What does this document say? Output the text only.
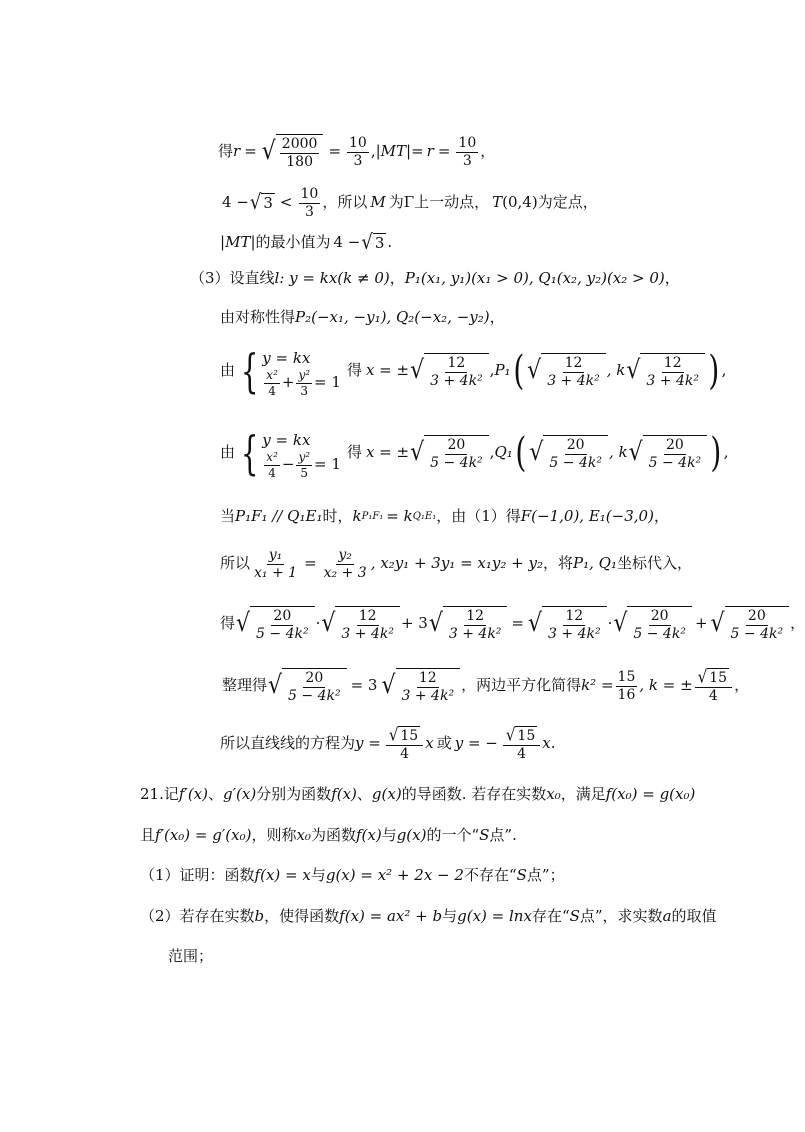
得 r = √ $\frac{2000}{180} = \frac{10}{3}$ ,| MT |= $r = \frac{10}{3}$ ，
4 − √ $3 < \frac{10}{3}$ ，所以 M 为Γ上一动点， T (0,4) 为定点，
| MT |的最小值为 4 − √ 3 .
（3）设直线 l : y = kx(k ≠ 0) ， P₁(x₁, y₁)(x₁ > 0), Q₁(x₂, y₂)(x₂ > 0) ，
由对称性得 P₂(−x₁, −y₁), Q₂(−x₂, −y₂) ，
由 { y = kx
$\frac{\text{x²}}{4} + \frac{\text{y²}}{3} = 1$
得 x = ± √ $\frac{12}{\text{3 + 4k²}}$ , P₁ ( √ $\frac{12}{\text{3 + 4k²}}$ , k √ $\frac{12}{\text{3 + 4k²}}$ ) ,
由 { y = kx
$\frac{\text{x²}}{4} - \frac{\text{y²}}{5} = 1$
得 x = ± √ $\frac{20}{\text{5 − 4k²}}$ , Q₁ ( √ $\frac{20}{\text{5 − 4k²}}$ , k √ $\frac{20}{\text{5 − 4k²}}$ ) ,
当 P₁F₁ // Q₁E₁ 时， k P₁F₁ = k Q₁E₁ ，由（1）得 F(−1,0), E₁(−3,0) ，
所以 $\frac{\text{y₁}}{\text{x₁ + 1}} = \frac{\text{y₂}}{\text{x₂ + 3}}$ , x₂y₁ + 3y₁ = x₁y₂ + y₂ ，将 P₁, Q₁ 坐标代入，
得 √ $\frac{20}{\text{5 − 4k²}}$ · √ $\frac{12}{\text{3 + 4k²}} + 3$ √ $\frac{12}{\text{3 + 4k²}}$ = √ $\frac{12}{\text{3 + 4k²}}$ · √ $\frac{20}{\text{5 − 4k²}}$ + √ $\frac{20}{\text{5 − 4k²}}$ ，
整理得 √ $\frac{20}{\text{5 − 4k²}} = 3$ √ $\frac{12}{\text{3 + 4k²}}$ ，两边平方化简得 $k^2 = \frac{15}{16}$ , k = ± $\frac{√ 15}{4}$ ，
所以直线线的方程为 $y = \frac{√ 15}{4}$ x 或 y = − $\frac{√ 15}{4}$ x .
21.记 f′(x) 、 g′(x) 分别为函数 f(x) 、 g(x) 的导函数. 若存在实数 x₀ ，满足 f(x₀) = g(x₀)
且 f′(x₀) = g′(x₀) ，则称 x₀ 为函数 f(x) 与 g(x) 的一个“ S 点”.
（1）证明：函数 f(x) = x 与 g(x) = x² + 2x − 2 不存在“ S 点”；
（2）若存在实数 b ，使得函数 f(x) = ax² + b 与 g(x) = lnx 存在“ S 点”，求实数 a 的取值
范围；
